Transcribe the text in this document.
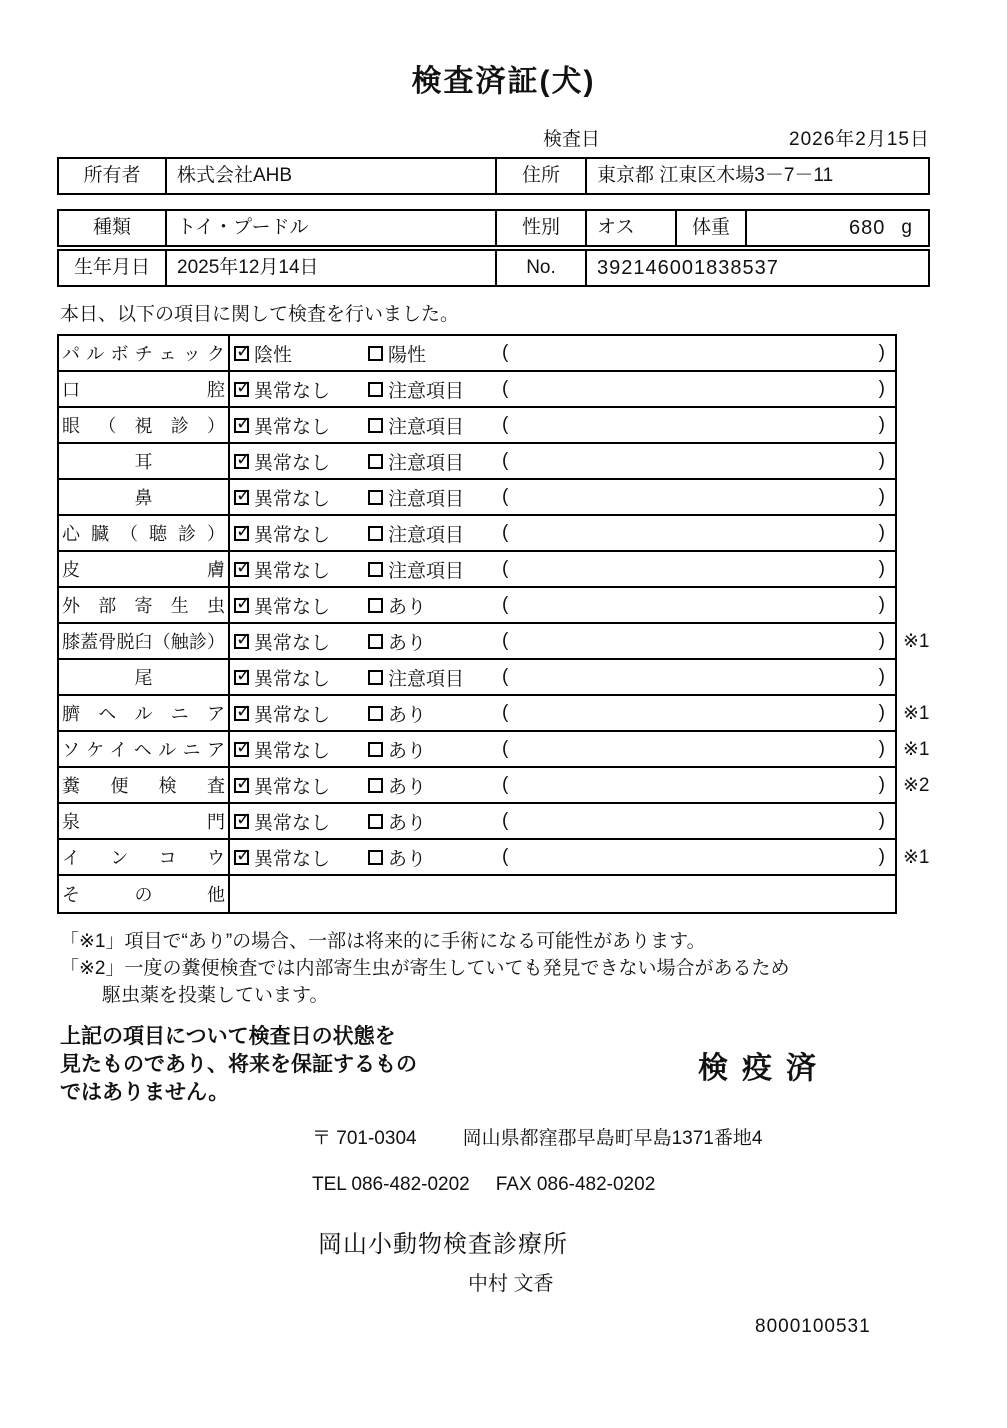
検査済証(犬)
検査日	2026年2月15日
所有者	株式会社AHB	住所	東京都 江東区木場3－7－11
種類	トイ・プードル	性別	オス	体重	680 g
生年月日	2025年12月14日	No.	392146001838537
本日、以下の項目に関して検査を行いました。
パルボチェック ✓ 陰性	陽性	(	)
口腔 ✓ 異常なし	注意項目 (	)
眼（視診） ✓ 異常なし	注意項目 (	)
耳 ✓	異常なし	注意項目 (	)
鼻 ✓	異常なし	注意項目 (	)
心臓（聴診） ✓ 異常なし	注意項目 (	)
皮膚 ✓ 異常なし	注意項目 (	)
外部寄生虫 ✓ 異常なし	あり	(	)
膝蓋骨脱臼（触診） ✓ 異常なし	あり	(	) ※1
尾 ✓	異常なし	注意項目 (	)
臍ヘルニア ✓ 異常なし	あり	(	) ※1
ソケイヘルニア ✓ 異常なし	あり	(	) ※1
糞便検査 ✓ 異常なし	あり	(	) ※2
泉門 ✓ 異常なし	あり	(	)
インコウ ✓ 異常なし	あり	(	) ※1
その他

「※1」項目で“あり”の場合、一部は将来的に手術になる可能性があります。

「※2」一度の糞便検査では内部寄生虫が寄生していても発見できない場合があるため

駆虫薬を投薬しています。

上記の項目について検査日の状態を
見たものであり、将来を保証するもの
ではありません。
検疫済
〒 701-0304 岡山県都窪郡早島町早島1371番地4
TEL 086-482-0202 FAX 086-482-0202
岡山小動物検査診療所
中村 文香
8000100531
